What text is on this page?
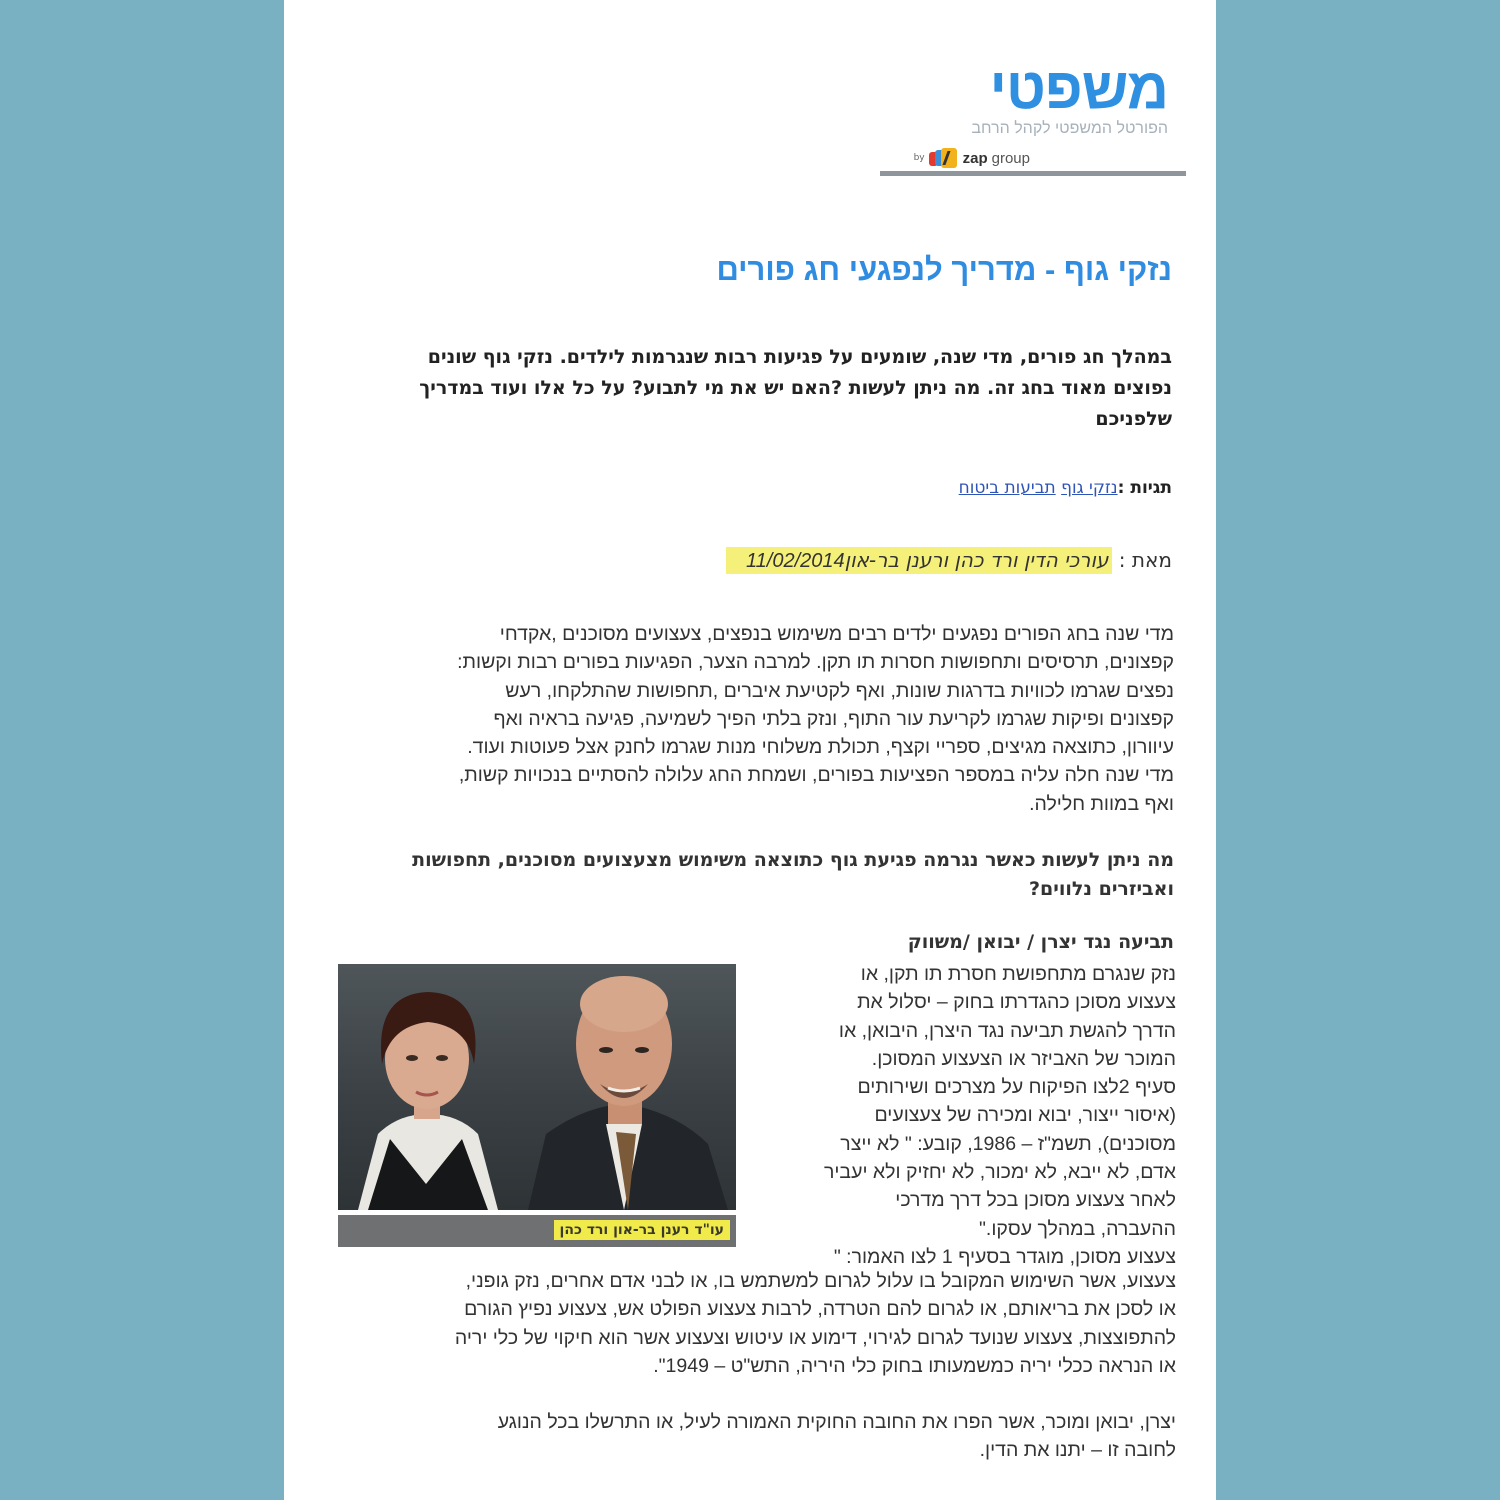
משפטי
הפורטל המשפטי לקהל הרחב
by	zap group
נזקי גוף - מדריך לנפגעי חג פורים
במהלך חג פורים, מדי שנה, שומעים על פגיעות רבות שנגרמות לילדים. נזקי גוף שונים נפוצים מאוד בחג זה. מה ניתן לעשות ?האם יש את מי לתבוע? על כל אלו ועוד במדריך שלפניכם
תגיות :נזקי גוף תביעות ביטוח
מאת : עורכי הדין ורד כהן ורענן בר-און11/02/2014

מדי שנה בחג הפורים נפגעים ילדים רבים משימוש בנפצים, צעצועים מסוכנים ,אקדחי

קפצונים, תרסיסים ותחפושות חסרות תו תקן. למרבה הצער, הפגיעות בפורים רבות וקשות:

נפצים שגרמו לכוויות בדרגות שונות, ואף לקטיעת איברים ,תחפושות שהתלקחו, רעש

קפצונים ופיקות שגרמו לקריעת עור התוף, ונזק בלתי הפיך לשמיעה, פגיעה בראיה ואף

עיוורון, כתוצאה מגיצים, ספריי וקצף, תכולת משלוחי מנות שגרמו לחנק אצל פעוטות ועוד.

מדי שנה חלה עליה במספר הפציעות בפורים, ושמחת החג עלולה להסתיים בנכויות קשות,

ואף במוות חלילה.

מה ניתן לעשות כאשר נגרמה פגיעת גוף כתוצאה משימוש מצעצועים מסוכנים, תחפושות ואביזרים נלווים?
תביעה נגד יצרן / יבואן /משווק

נזק שנגרם מתחפושת חסרת תו תקן, או

צעצוע מסוכן כהגדרתו בחוק – יסלול את

הדרך להגשת תביעה נגד היצרן, היבואן, או

המוכר של האביזר או הצעצוע המסוכן.

סעיף 2לצו הפיקוח על מצרכים ושירותים

(איסור ייצור, יבוא ומכירה של צעצועים

מסוכנים), תשמ"ז – 1986, קובע: " לא ייצר

אדם, לא ייבא, לא ימכור, לא יחזיק ולא יעביר

לאחר צעצוע מסוכן בכל דרך מדרכי

ההעברה, במהלך עסקו."

צעצוע מסוכן, מוגדר בסעיף 1 לצו האמור: "

עו"ד רענן בר-און ורד כהן

צעצוע, אשר השימוש המקובל בו עלול לגרום למשתמש בו, או לבני אדם אחרים, נזק גופני,

או לסכן את בריאותם, או לגרום להם הטרדה, לרבות צעצוע הפולט אש, צעצוע נפיץ הגורם

להתפוצצות, צעצוע שנועד לגרום לגירוי, דימוע או עיטוש וצעצוע אשר הוא חיקוי של כלי יריה

או הנראה ככלי יריה כמשמעותו בחוק כלי היריה, התש"ט – 1949".

יצרן, יבואן ומוכר, אשר הפרו את החובה החוקית האמורה לעיל, או התרשלו בכל הנוגע

לחובה זו – יתנו את הדין.
